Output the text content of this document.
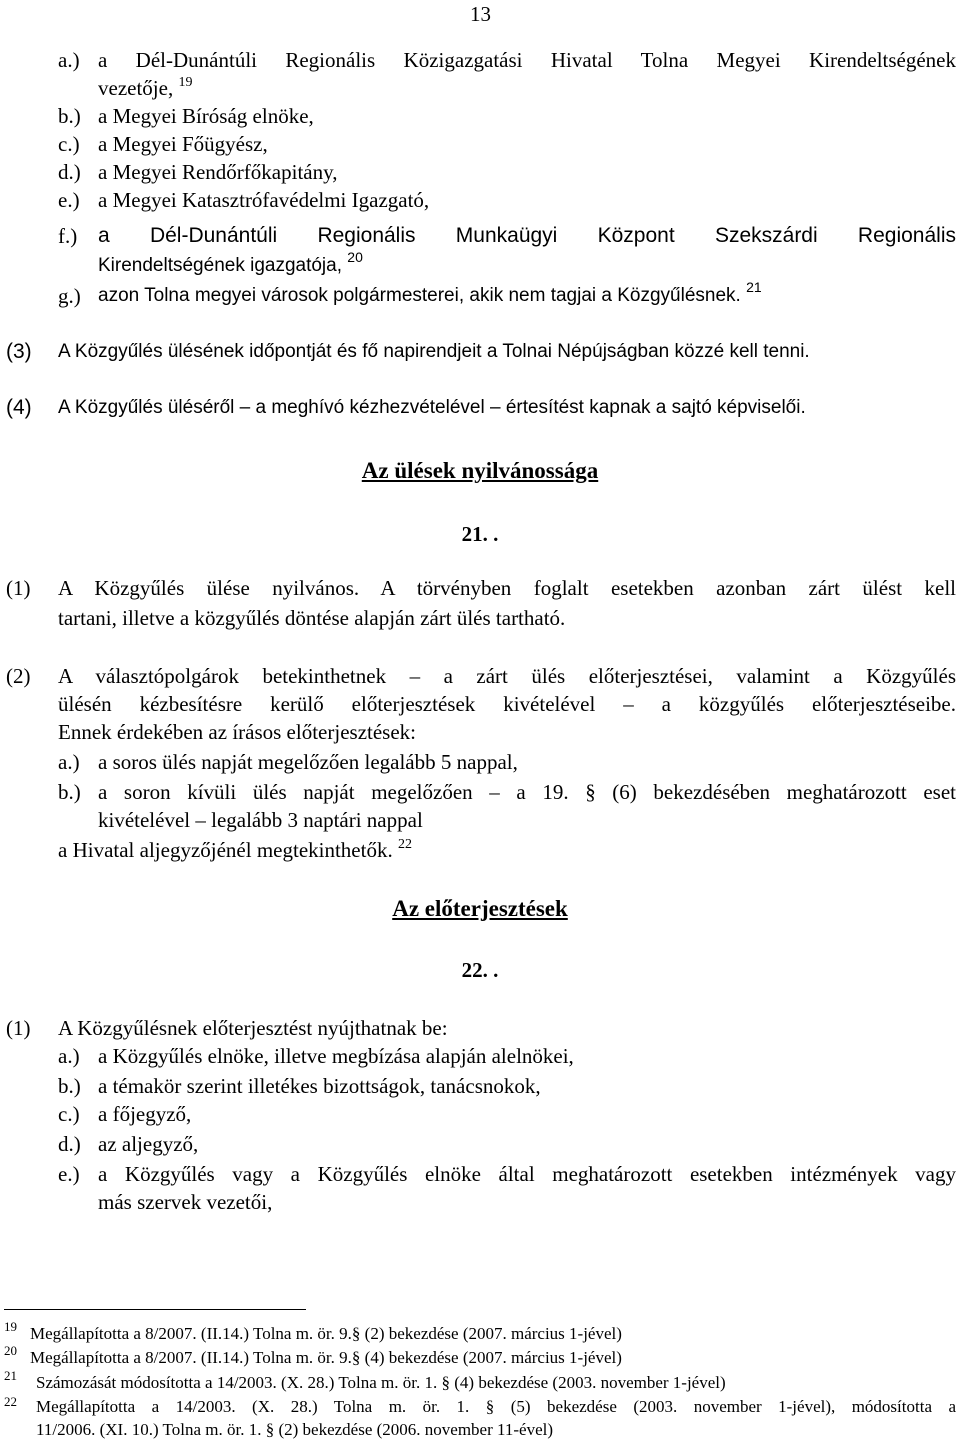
13
a.) a Dél-Dunántúli Regionális Közigazgatási Hivatal Tolna Megyei Kirendeltségének
vezetője, $^{19}$
b.) a Megyei Bíróság elnöke,
c.) a Megyei Főügyész,
d.) a Megyei Rendőrfőkapitány,
e.) a Megyei Katasztrófavédelmi Igazgató,
f.) a Dél-Dunántúli Regionális Munkaügyi Központ Szekszárdi Regionális
Kirendeltségének igazgatója, $^{20}$
g.) azon Tolna megyei városok polgármesterei, akik nem tagjai a Közgyűlésnek. $^{21}$
(3) A Közgyűlés ülésének időpontját és fő napirendjeit a Tolnai Népújságban közzé kell tenni.
(4) A Közgyűlés üléséről – a meghívó kézhezvételével – értesítést kapnak a sajtó képviselői.
Az ülések nyilvánossága
21. .
(1) A Közgyűlés ülése nyilvános. A törvényben foglalt esetekben azonban zárt ülést kell
tartani, illetve a közgyűlés döntése alapján zárt ülés tartható.
(2) A választópolgárok betekinthetnek – a zárt ülés előterjesztései, valamint a Közgyűlés
ülésén kézbesítésre kerülő előterjesztések kivételével – a közgyűlés előterjesztéseibe.
Ennek érdekében az írásos előterjesztések:
a.) a soros ülés napját megelőzően legalább 5 nappal,
b.) a soron kívüli ülés napját megelőzően – a 19. § (6) bekezdésében meghatározott eset
kivételével – legalább 3 naptári nappal
a Hivatal aljegyzőjénél megtekinthetők. $^{22}$
Az előterjesztések
22. .
(1) A Közgyűlésnek előterjesztést nyújthatnak be:
a.) a Közgyűlés elnöke, illetve megbízása alapján alelnökei,
b.) a témakör szerint illetékes bizottságok, tanácsnokok,
c.) a főjegyző,
d.) az aljegyző,
e.) a Közgyűlés vagy a Közgyűlés elnöke által meghatározott esetekben intézmények vagy
más szervek vezetői,
19 Megállapította a 8/2007. (II.14.) Tolna m. ör. 9.§ (2) bekezdése (2007. március 1-jével)
20 Megállapította a 8/2007. (II.14.) Tolna m. ör. 9.§ (4) bekezdése (2007. március 1-jével)
21 Számozását módosította a 14/2003. (X. 28.) Tolna m. ör. 1. § (4) bekezdése (2003. november 1-jével)
22 Megállapította a 14/2003. (X. 28.) Tolna m. ör. 1. § (5) bekezdése (2003. november 1-jével), módosította a
11/2006. (XI. 10.) Tolna m. ör. 1. § (2) bekezdése (2006. november 11-ével)
